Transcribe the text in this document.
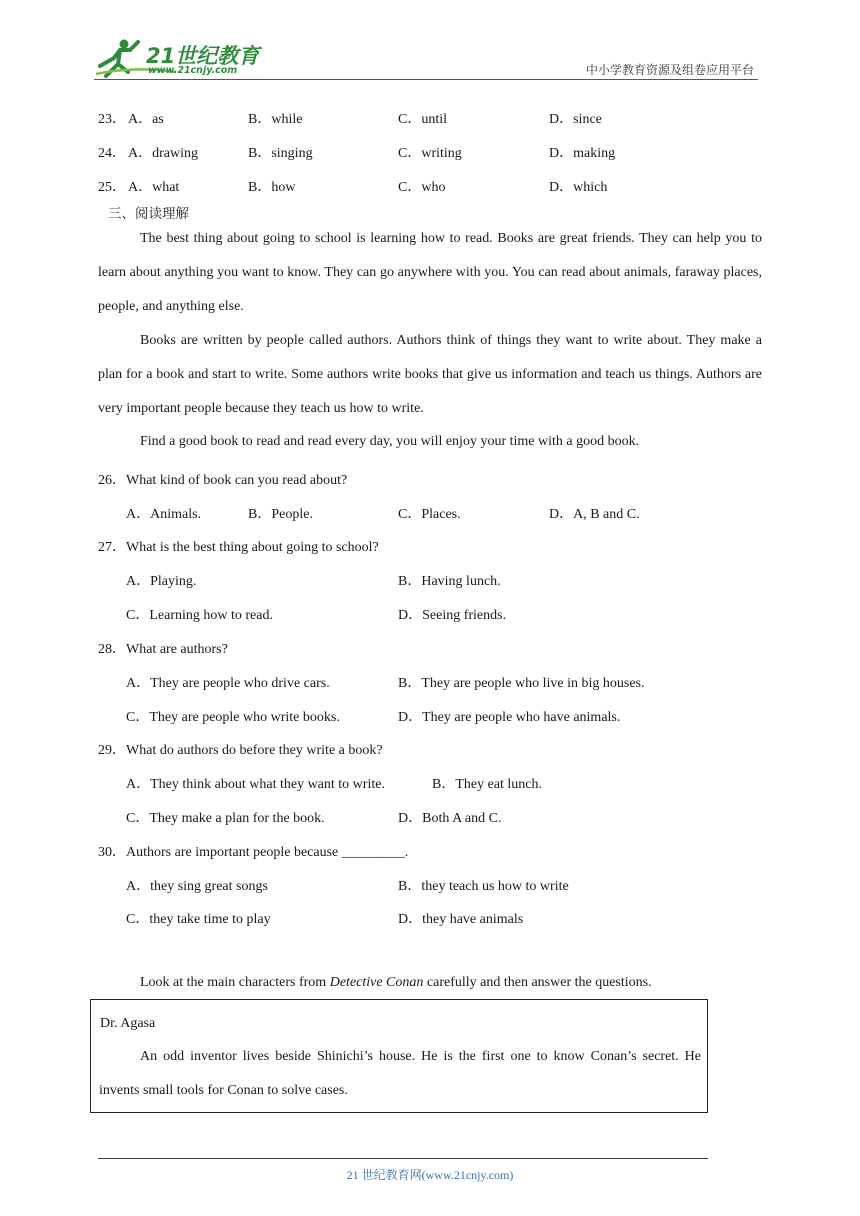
21世纪教育
www.21cnjy.com	中小学教育资源及组卷应用平台
23． A．as	B．while	C．until	D．since
24． A．drawing	B．singing	C．writing	D．making
25． A．what	B．how	C．who	D．which
三、阅读理解
The best thing about going to school is learning how to read. Books are great friends. They can help you to learn about anything you want to know. They can go anywhere with you. You can read about animals, faraway places, people, and anything else.
Books are written by people called authors. Authors think of things they want to write about. They make a plan for a book and start to write. Some authors write books that give us information and teach us things. Authors are very important people because they teach us how to write.
Find a good book to read and read every day, you will enjoy your time with a good book.
26．What kind of book can you read about?
A．Animals.	B．People.	C．Places.	D．A, B and C.
27．What is the best thing about going to school?
A．Playing.	B．Having lunch.
C．Learning how to read.	D．Seeing friends.
28．What are authors?
A．They are people who drive cars.	B．They are people who live in big houses.
C．They are people who write books.	D．They are people who have animals.
29．What do authors do before they write a book?
A．They think about what they want to write.	B．They eat lunch.
C．They make a plan for the book.	D．Both A and C.
30．Authors are important people because _________.
A．they sing great songs	B．they teach us how to write
C．they take time to play	D．they have animals
Look at the main characters from Detective Conan carefully and then answer the questions.
Dr. Agasa
An odd inventor lives beside Shinichi’s house. He is the first one to know Conan’s secret. He invents small tools for Conan to solve cases.
21 世纪教育网(www.21cnjy.com)
